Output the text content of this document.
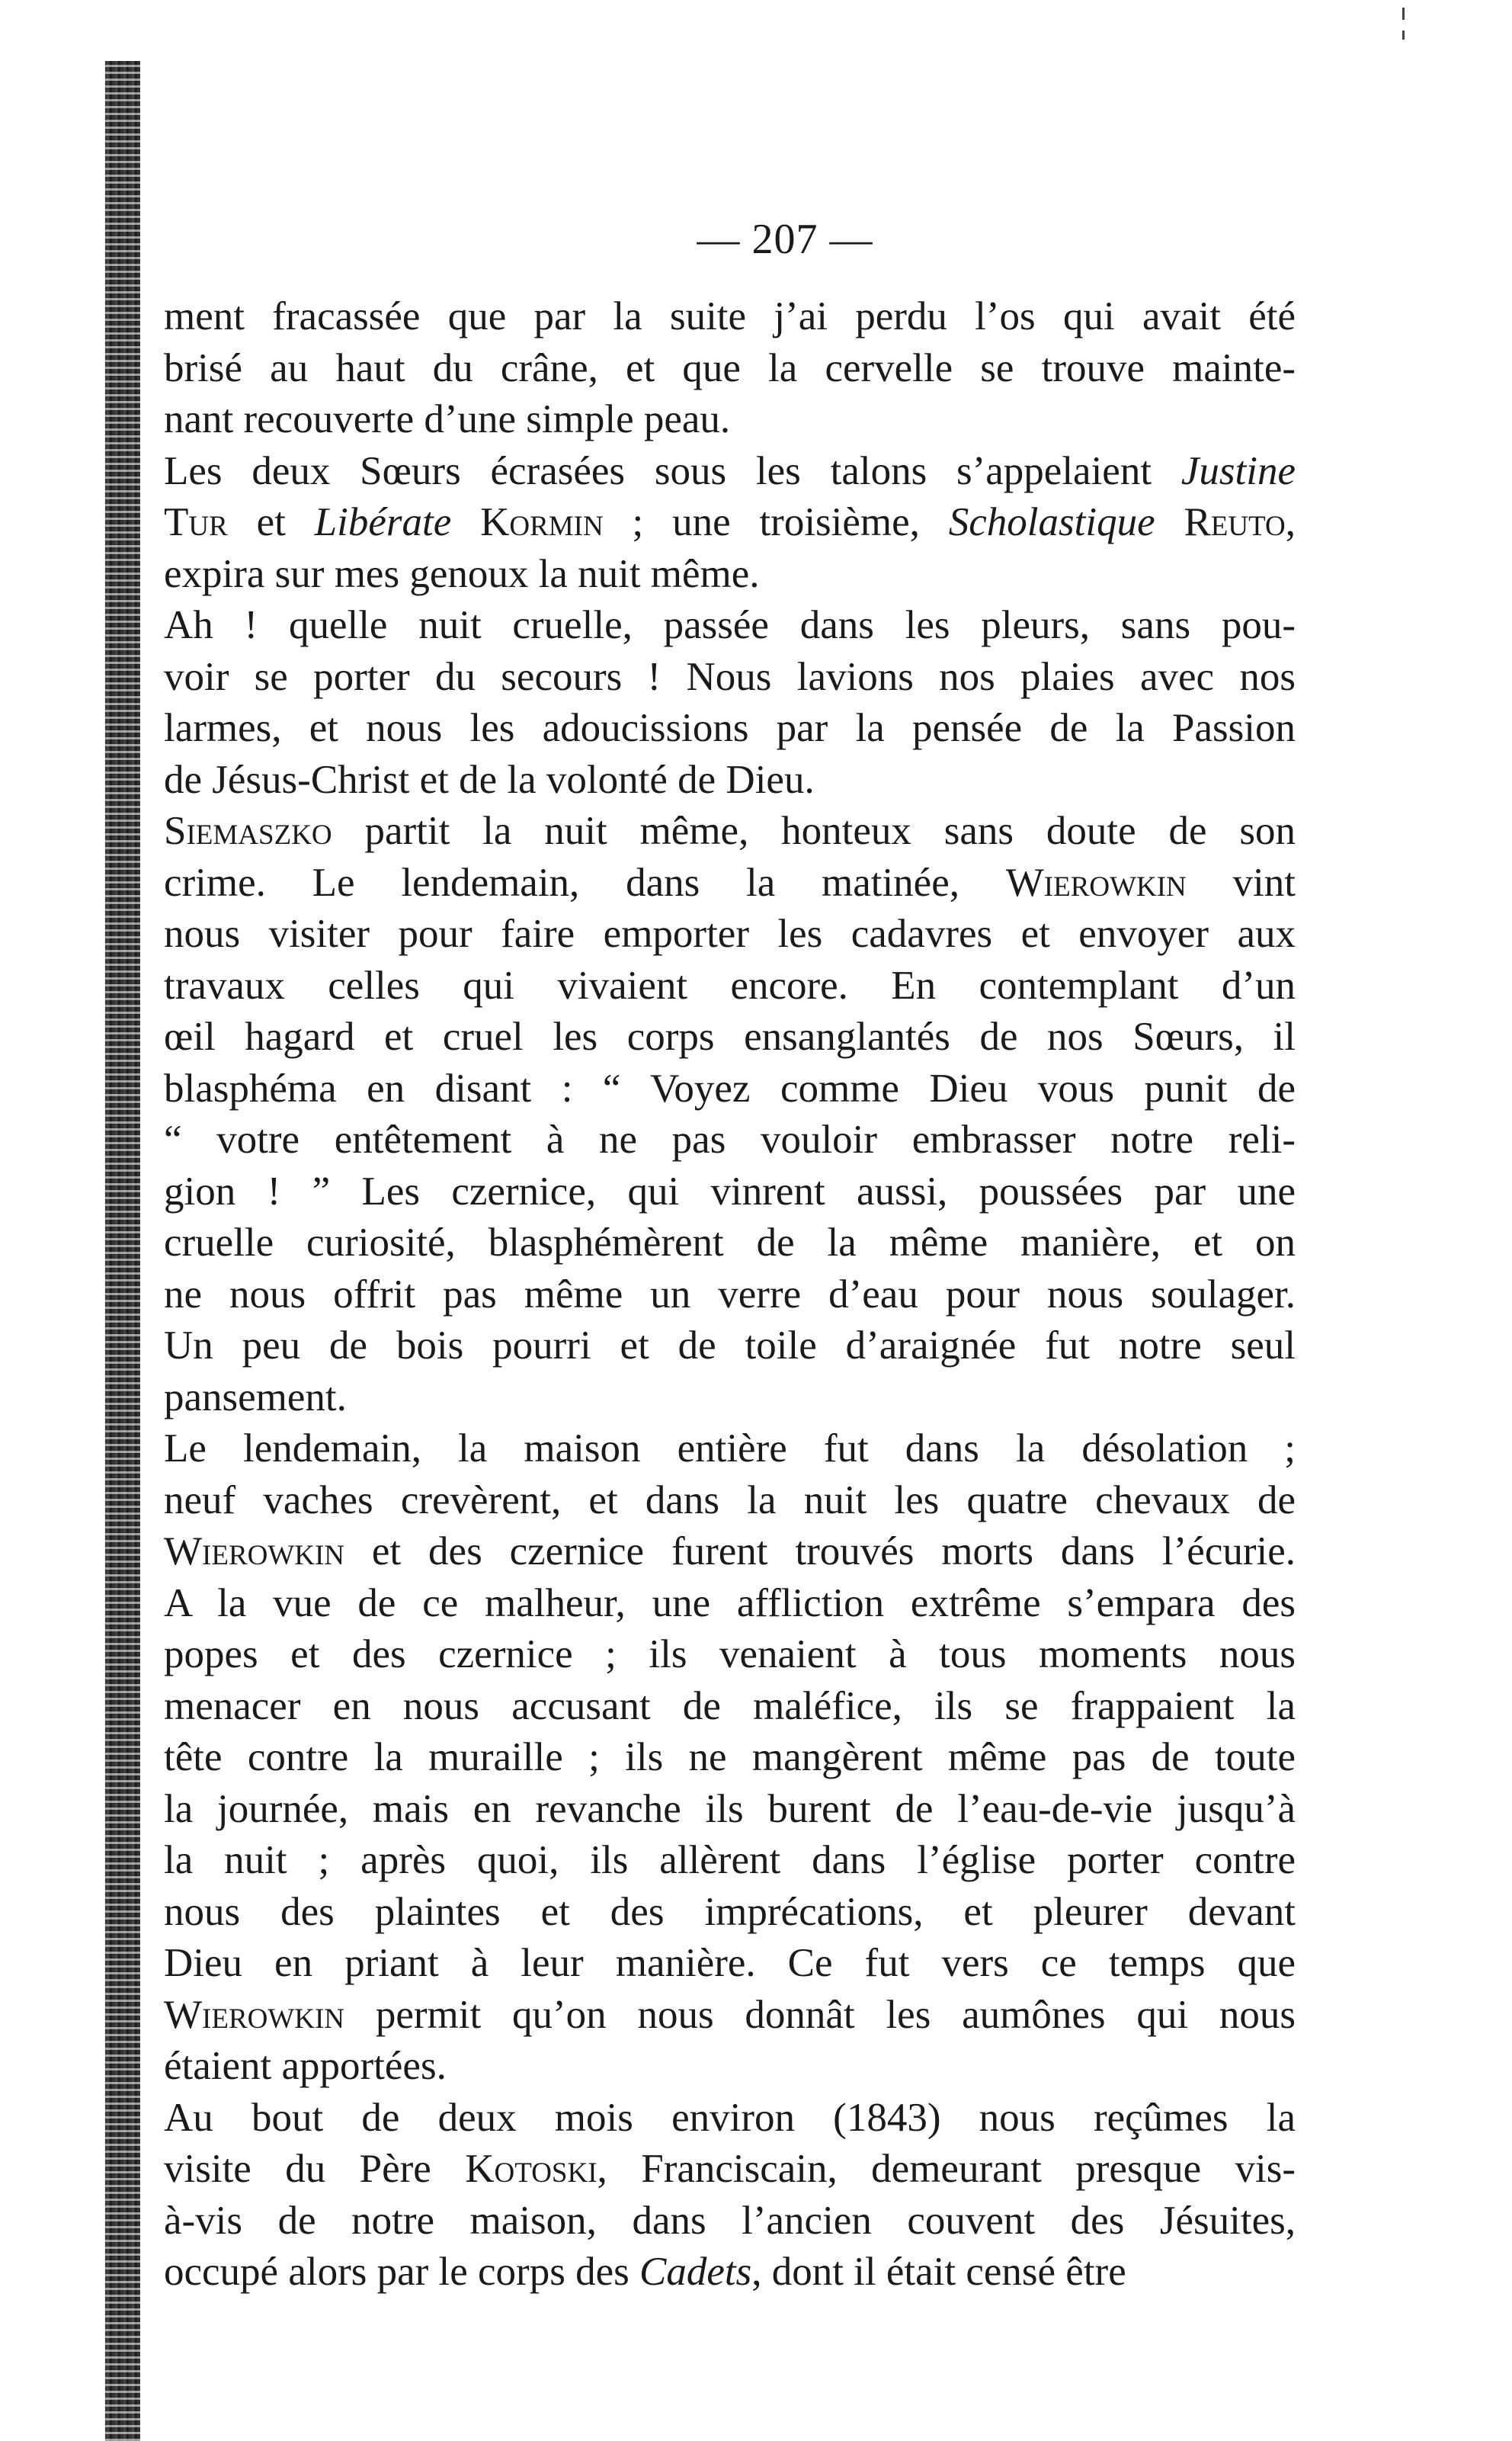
— 207 —
ment fracassée que par la suite j’ai perdu l’os qui avait été
brisé au haut du crâne, et que la cervelle se trouve mainte-
nant recouverte d’une simple peau.
Les deux Sœurs écrasées sous les talons s’appelaient Justine
Tur et Libérate Kormin ; une troisième, Scholastique Reuto,
expira sur mes genoux la nuit même.
Ah ! quelle nuit cruelle, passée dans les pleurs, sans pou-
voir se porter du secours ! Nous lavions nos plaies avec nos
larmes, et nous les adoucissions par la pensée de la Passion
de Jésus-Christ et de la volonté de Dieu.
Siemaszko partit la nuit même, honteux sans doute de son
crime. Le lendemain, dans la matinée, Wierowkin vint
nous visiter pour faire emporter les cadavres et envoyer aux
travaux celles qui vivaient encore. En contemplant d’un
œil hagard et cruel les corps ensanglantés de nos Sœurs, il
blasphéma en disant : “ Voyez comme Dieu vous punit de
“ votre entêtement à ne pas vouloir embrasser notre reli-
gion ! ” Les czernice, qui vinrent aussi, poussées par une
cruelle curiosité, blasphémèrent de la même manière, et on
ne nous offrit pas même un verre d’eau pour nous soulager.
Un peu de bois pourri et de toile d’araignée fut notre seul
pansement.
Le lendemain, la maison entière fut dans la désolation ;
neuf vaches crevèrent, et dans la nuit les quatre chevaux de
Wierowkin et des czernice furent trouvés morts dans l’écurie.
A la vue de ce malheur, une affliction extrême s’empara des
popes et des czernice ; ils venaient à tous moments nous
menacer en nous accusant de maléfice, ils se frappaient la
tête contre la muraille ; ils ne mangèrent même pas de toute
la journée, mais en revanche ils burent de l’eau-de-vie jusqu’à
la nuit ; après quoi, ils allèrent dans l’église porter contre
nous des plaintes et des imprécations, et pleurer devant
Dieu en priant à leur manière. Ce fut vers ce temps que
Wierowkin permit qu’on nous donnât les aumônes qui nous
étaient apportées.
Au bout de deux mois environ (1843) nous reçûmes la
visite du Père Kotoski, Franciscain, demeurant presque vis-
à-vis de notre maison, dans l’ancien couvent des Jésuites,
occupé alors par le corps des Cadets, dont il était censé être
